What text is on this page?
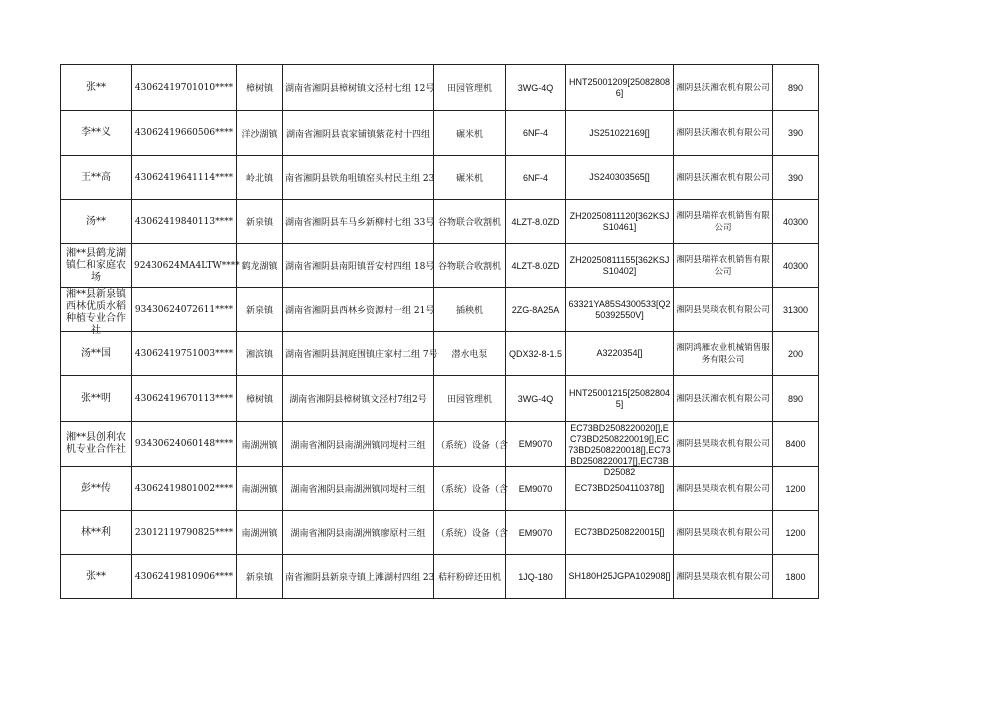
张**	43062419701010****	樟树镇	湖南省湘阴县樟树镇文泾村七组 12号	田园管理机	3WG-4Q	HNT25001209[250828086]	湘阴县沃湘农机有限公司	890
李**义	43062419660506****	洋沙湖镇	湖南省湘阴县袁家铺镇紫花村十四组	碾米机	6NF-4	JS251022169[]	湘阴县沃湘农机有限公司	390
王**高	43062419641114****	岭北镇	南省湘阴县铁角咀镇窑头村民主组 23	碾米机	6NF-4	JS240303565[]	湘阴县沃湘农机有限公司	390
汤**	43062419840113****	新泉镇	湖南省湘阴县车马乡新柳村七组 33号	谷物联合收割机	4LZT-8.0ZD	ZH20250811120[362KSJS10461]	湘阴县瑞祥农机销售有限公司	40300
湘**县鹤龙湖镇仁和家庭农场	92430624MA4LTW****	鹤龙湖镇	湖南省湘阴县南阳镇晋安村四组 18号	谷物联合收割机	4LZT-8.0ZD	ZH20250811155[362KSJS10402]	湘阴县瑞祥农机销售有限公司	40300

湘**县新泉镇西林优质水稻种植专业合作社	93430624072611****	新泉镇	湖南省湘阴县西林乡资源村一组 21号	插秧机	2ZG-8A25A	63321YA85S4300533[Q250392550V]	湘阴县昊琰农机有限公司	31300
汤**国	43062419751003****	湘滨镇	湖南省湘阴县洞庭围镇庄家村二组 7号	潜水电泵	QDX32-8-1.5	A3220354[]	湘阴鸿雁农业机械销售服务有限公司	200
张**明	43062419670113****	樟树镇	湖南省湘阴县樟树镇文泾村7组2号	田园管理机	3WG-4Q	HNT25001215[250828045]	湘阴县沃湘农机有限公司	890
湘**县创利农机专业合作社	93430624060148****	南湖洲镇	湖南省湘阴县南湖洲镇同堤村三组	（系统）设备（含	EM9070	EC73BD2508220020[],EC73BD2508220019[],EC73BD2508220018[],EC73BD2508220017[],EC73BD25082	湘阴县昊琰农机有限公司	8400
彭**传	43062419801002****	南湖洲镇	湖南省湘阴县南湖洲镇同堤村三组	（系统）设备（含	EM9070	EC73BD2504110378[]	湘阴县昊琰农机有限公司	1200
林**利	23012119790825****	南湖洲镇	湖南省湘阴县南湖洲镇廖原村三组	（系统）设备（含	EM9070	EC73BD2508220015[]	湘阴县昊琰农机有限公司	1200
张**	43062419810906****	新泉镇	南省湘阴县新泉寺镇上滩湖村四组 23	秸秆粉碎还田机	1JQ-180	SH180H25JGPA102908[]	湘阴县昊琰农机有限公司	1800
